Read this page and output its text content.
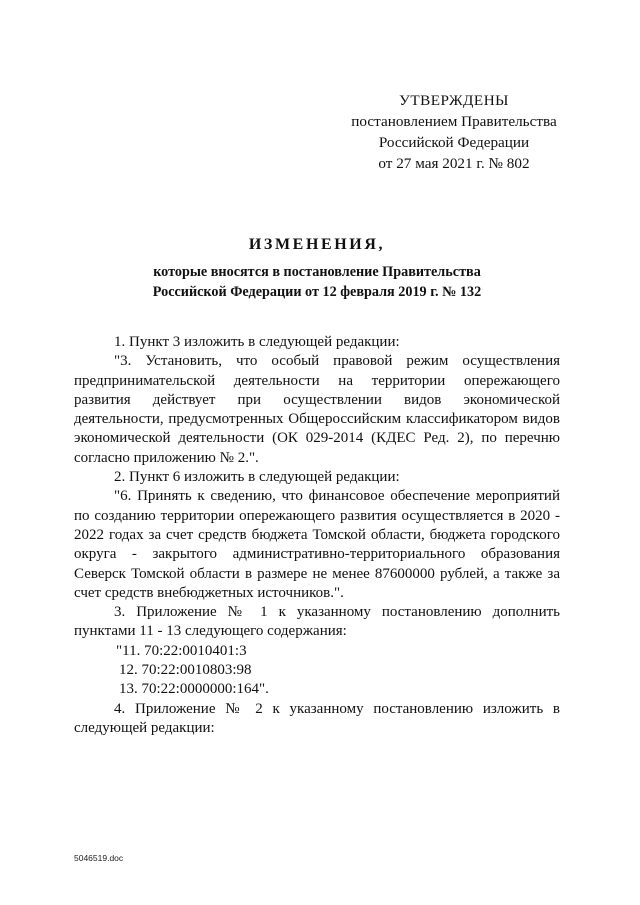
УТВЕРЖДЕНЫ
постановлением Правительства
Российской Федерации
от 27 мая 2021 г. № 802
ИЗМЕНЕНИЯ,
которые вносятся в постановление Правительства
Российской Федерации от 12 февраля 2019 г. № 132

1. Пункт 3 изложить в следующей редакции:

"3. Установить, что особый правовой режим осуществления предпринимательской деятельности на территории опережающего развития действует при осуществлении видов экономической деятельности, предусмотренных Общероссийским классификатором видов экономической деятельности (ОК 029-2014 (КДЕС Ред. 2), по перечню согласно приложению № 2.".

2. Пункт 6 изложить в следующей редакции:

"6. Принять к сведению, что финансовое обеспечение мероприятий по созданию территории опережающего развития осуществляется в 2020 - 2022 годах за счет средств бюджета Томской области, бюджета городского округа - закрытого административно-территориального образования Северск Томской области в размере не менее 87600000 рублей, а также за счет средств внебюджетных источников.".

3. Приложение № 1 к указанному постановлению дополнить пунктами 11 - 13 следующего содержания:

"11. 70:22:0010401:3

12. 70:22:0010803:98

13. 70:22:0000000:164".

4. Приложение № 2 к указанному постановлению изложить в следующей редакции:

5046519.doc
